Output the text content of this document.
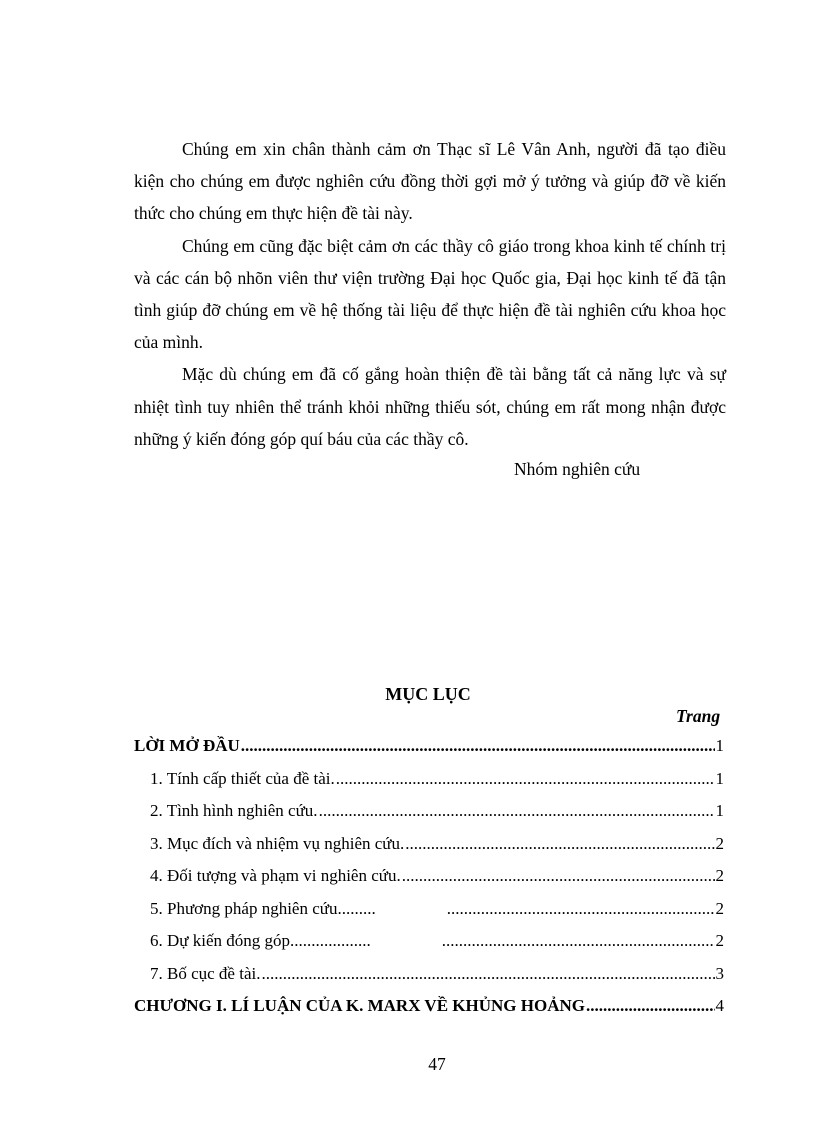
Chúng em xin chân thành cảm ơn Thạc sĩ Lê Vân Anh, người đã tạo điều kiện cho chúng em được nghiên cứu đồng thời gợi mở ý tưởng và giúp đỡ về kiến thức cho chúng em thực hiện đề tài này.

Chúng em cũng đặc biệt cảm ơn các thầy cô giáo trong khoa kinh tế chính trị và các cán bộ nhõn viên thư viện trường Đại học Quốc gia, Đại học kinh tế đã tận tình giúp đỡ chúng em về hệ thống tài liệu để thực hiện đề tài nghiên cứu khoa học của mình.

Mặc dù chúng em đã cố gắng hoàn thiện đề tài bằng tất cả năng lực và sự nhiệt tình tuy nhiên thể tránh khỏi những thiếu sót, chúng em rất mong nhận được những ý kiến đóng góp quí báu của các thầy cô.

Nhóm nghiên cứu
MỤC LỤC
Trang
LỜI MỞ ĐẦU .....	1
1. Tính cấp thiết của đề tài. .....	1
2. Tình hình nghiên cứu. .....	1
3. Mục đích và nhiệm vụ nghiên cứu. .....	2
4. Đối tượng và phạm vi nghiên cứu. .....	2
5. Phương pháp nghiên cứu......... .....	2
6. Dự kiến đóng góp................... .....	2
7. Bố cục đề tài. .....	3
CHƯƠNG I. LÍ LUẬN CỦA K. MARX VỀ KHỦNG HOẢNG .....	4
47
